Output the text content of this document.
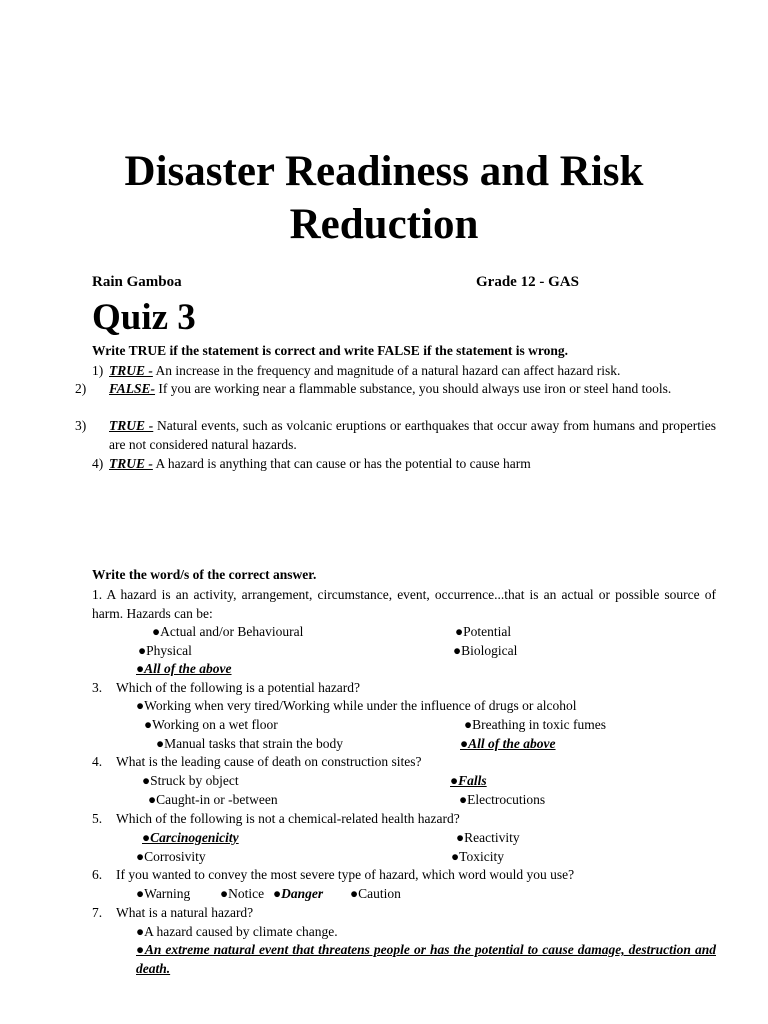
Disaster Readiness and Risk
Reduction
Rain Gamboa	Grade 12 - GAS
Quiz 3
Write TRUE if the statement is correct and write FALSE if the statement is wrong.
1) TRUE - An increase in the frequency and magnitude of a natural hazard can affect hazard risk.
2) FALSE- If you are working near a flammable substance, you should always use iron or steel hand tools.
3) TRUE - Natural events, such as volcanic eruptions or earthquakes that occur away from humans and properties are not considered natural hazards.
4) TRUE - A hazard is anything that can cause or has the potential to cause harm
Write the word/s of the correct answer.
1. A hazard is an activity, arrangement, circumstance, event, occurrence...that is an actual or possible source of harm. Hazards can be:
●Actual and/or Behavioural	●Potential
●Physical	●Biological
●All of the above
3. Which of the following is a potential hazard?
●Working when very tired/Working while under the influence of drugs or alcohol
●Working on a wet floor	●Breathing in toxic fumes
●Manual tasks that strain the body	●All of the above
4. What is the leading cause of death on construction sites?
●Struck by object	●Falls
●Caught-in or -between	●Electrocutions
5. Which of the following is not a chemical-related health hazard?
●Carcinogenicity	●Reactivity
●Corrosivity	●Toxicity
6. If you wanted to convey the most severe type of hazard, which word would you use?
●Warning ●Notice ●Danger ●Caution
7. What is a natural hazard?
●A hazard caused by climate change.
●An extreme natural event that threatens people or has the potential to cause damage, destruction and death.
